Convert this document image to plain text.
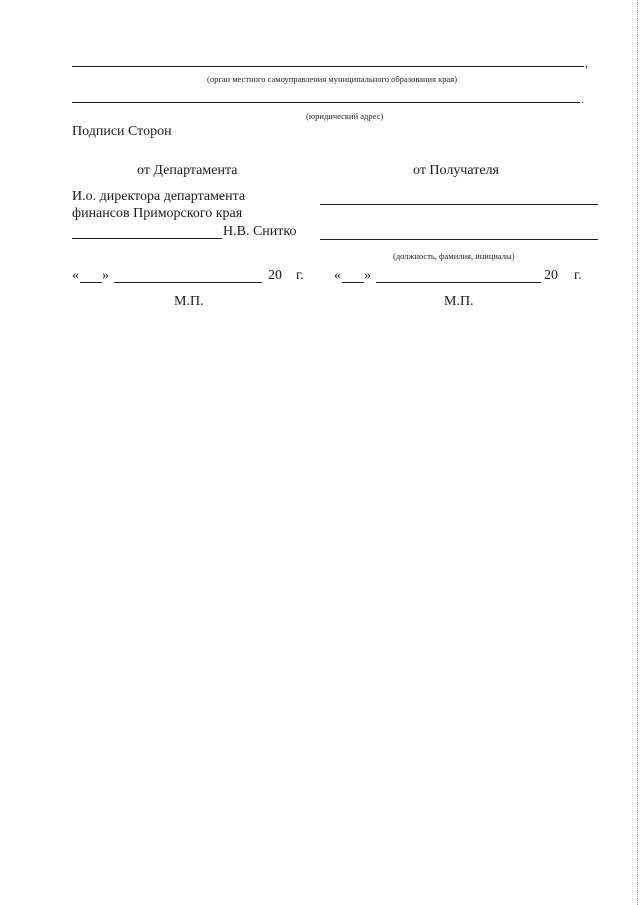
,
(орган местного самоуправления муниципального образования края)
.
(юридический адрес)
Подписи Сторон
от Департамента
И.о. директора департамента
финансов Приморского края
Н.В. Снитко
« »	20 г.
М.П.
от Получателя
(должность, фамилия, инициалы)
« »	20 г.
М.П.
